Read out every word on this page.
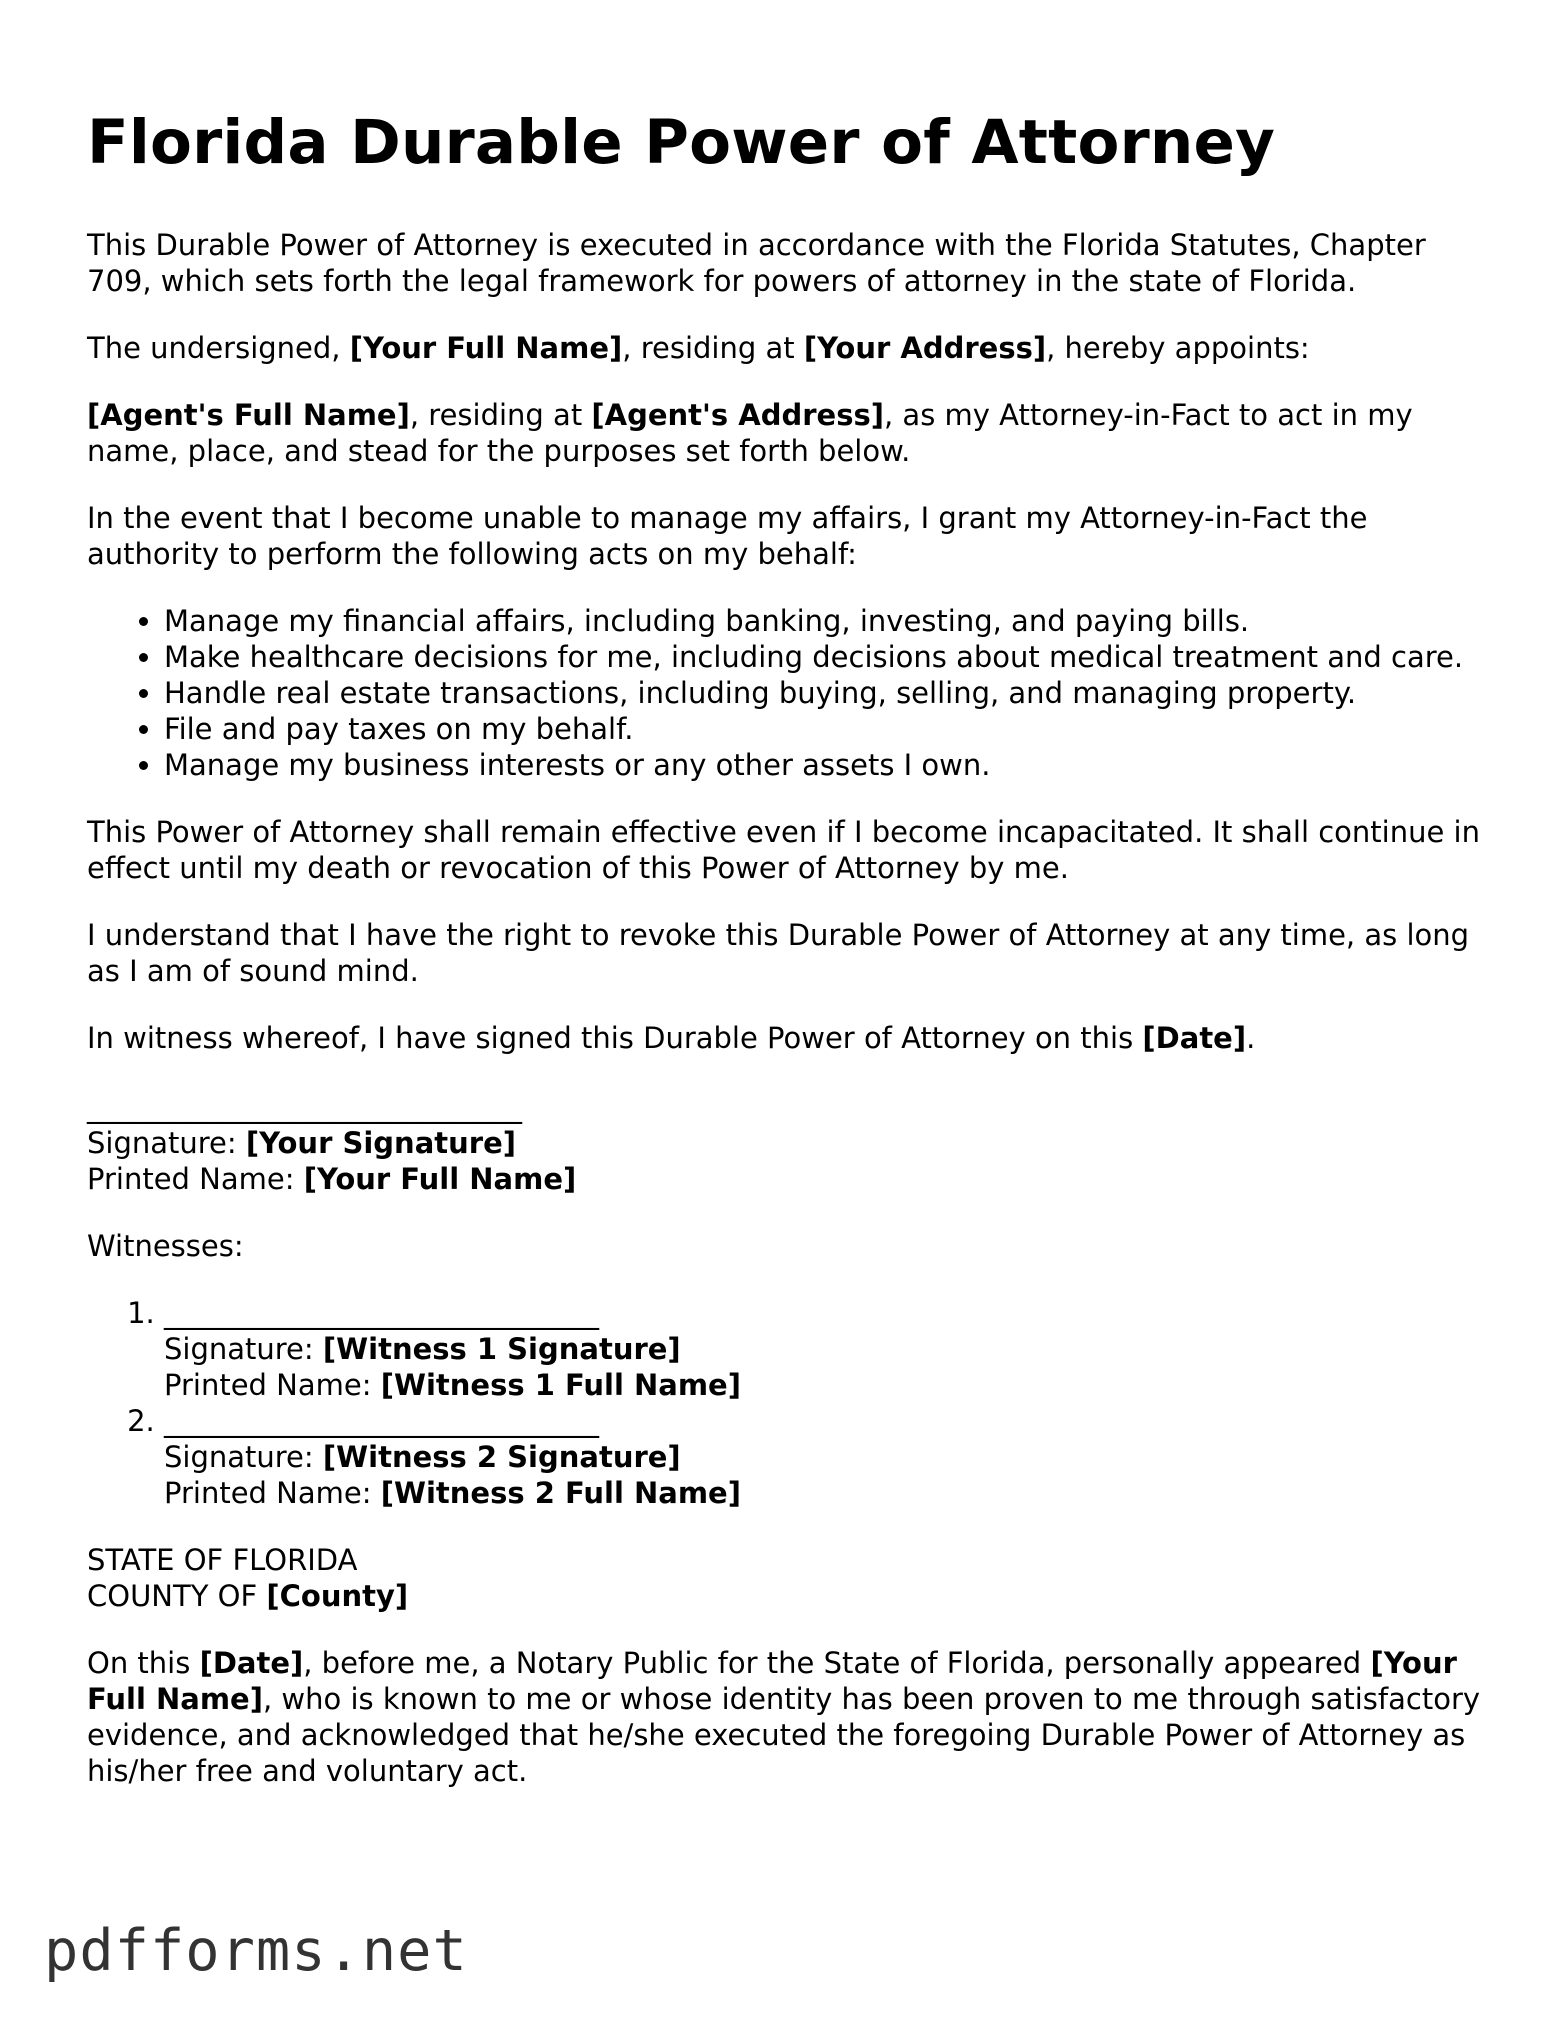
Florida Durable Power of Attorney

This Durable Power of Attorney is executed in accordance with the Florida Statutes, Chapter 709, which sets forth the legal framework for powers of attorney in the state of Florida.

The undersigned, [Your Full Name], residing at [Your Address], hereby appoints:

[Agent's Full Name], residing at [Agent's Address], as my Attorney-in-Fact to act in my name, place, and stead for the purposes set forth below.

In the event that I become unable to manage my affairs, I grant my Attorney-in-Fact the authority to perform the following acts on my behalf:

• Manage my financial affairs, including banking, investing, and paying bills.
• Make healthcare decisions for me, including decisions about medical treatment and care.
• Handle real estate transactions, including buying, selling, and managing property.
• File and pay taxes on my behalf.
• Manage my business interests or any other assets I own.

This Power of Attorney shall remain effective even if I become incapacitated. It shall continue in effect until my death or revocation of this Power of Attorney by me.

I understand that I have the right to revoke this Durable Power of Attorney at any time, as long as I am of sound mind.

In witness whereof, I have signed this Durable Power of Attorney on this [Date].

______________________________
Signature: [Your Signature]
Printed Name: [Your Full Name]

Witnesses:

1. ______________________________
Signature: [Witness 1 Signature]
Printed Name: [Witness 1 Full Name]
2. ______________________________
Signature: [Witness 2 Signature]
Printed Name: [Witness 2 Full Name]
STATE OF FLORIDA
COUNTY OF [County]

On this [Date], before me, a Notary Public for the State of Florida, personally appeared [Your Full Name], who is known to me or whose identity has been proven to me through satisfactory evidence, and acknowledged that he/she executed the foregoing Durable Power of Attorney as his/her free and voluntary act.

pdfforms.net
